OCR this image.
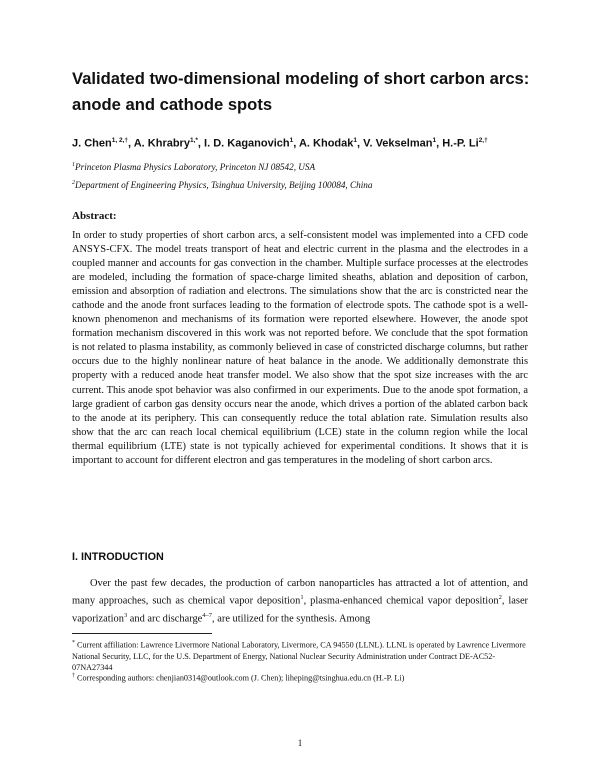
Validated two-dimensional modeling of short carbon arcs: anode and cathode spots
J. Chen$^{1, 2,\dagger}$, A. Khrabry$^{1,*}$, I. D. Kaganovich$^1$, A. Khodak$^1$, V. Vekselman$^1$, H.-P. $Li^{2,\dagger}$
$^1$Princeton Plasma Physics Laboratory, Princeton NJ 08542, USA
$^2$Department of Engineering Physics, Tsinghua University, Beijing 100084, China
Abstract:

In order to study properties of short carbon arcs, a self-consistent model was implemented into a CFD code ANSYS-CFX. The model treats transport of heat and electric current in the plasma and the electrodes in a coupled manner and accounts for gas convection in the chamber. Multiple surface processes at the electrodes are modeled, including the formation of space-charge limited sheaths, ablation and deposition of carbon, emission and absorption of radiation and electrons. The simulations show that the arc is constricted near the cathode and the anode front surfaces leading to the formation of electrode spots. The cathode spot is a well-known phenomenon and mechanisms of its formation were reported elsewhere. However, the anode spot formation mechanism discovered in this work was not reported before. We conclude that the spot formation is not related to plasma instability, as commonly believed in case of constricted discharge columns, but rather occurs due to the highly nonlinear nature of heat balance in the anode. We additionally demonstrate this property with a reduced anode heat transfer model. We also show that the spot size increases with the arc current. This anode spot behavior was also confirmed in our experiments. Due to the anode spot formation, a large gradient of carbon gas density occurs near the anode, which drives a portion of the ablated carbon back to the anode at its periphery. This can consequently reduce the total ablation rate. Simulation results also show that the arc can reach local chemical equilibrium (LCE) state in the column region while the local thermal equilibrium (LTE) state is not typically achieved for experimental conditions. It shows that it is important to account for different electron and gas temperatures in the modeling of short carbon arcs.

I. INTRODUCTION

Over the past few decades, the production of carbon nanoparticles has attracted a lot of attention, and many approaches, such as chemical vapor deposition$^1$, plasma-enhanced chemical vapor deposition$^2$, laser vaporization$^3$ and arc discharge$^{4-7}$, are utilized for the synthesis. Among

* Current affiliation: Lawrence Livermore National Laboratory, Livermore, CA 94550 (LLNL). LLNL is operated by Lawrence Livermore National Security, LLC, for the U.S. Department of Energy, National Nuclear Security Administration under Contract DE-AC52-07NA27344

† Corresponding authors: chenjian0314@outlook.com (J. Chen); liheping@tsinghua.edu.cn (H.-P. Li)

1
